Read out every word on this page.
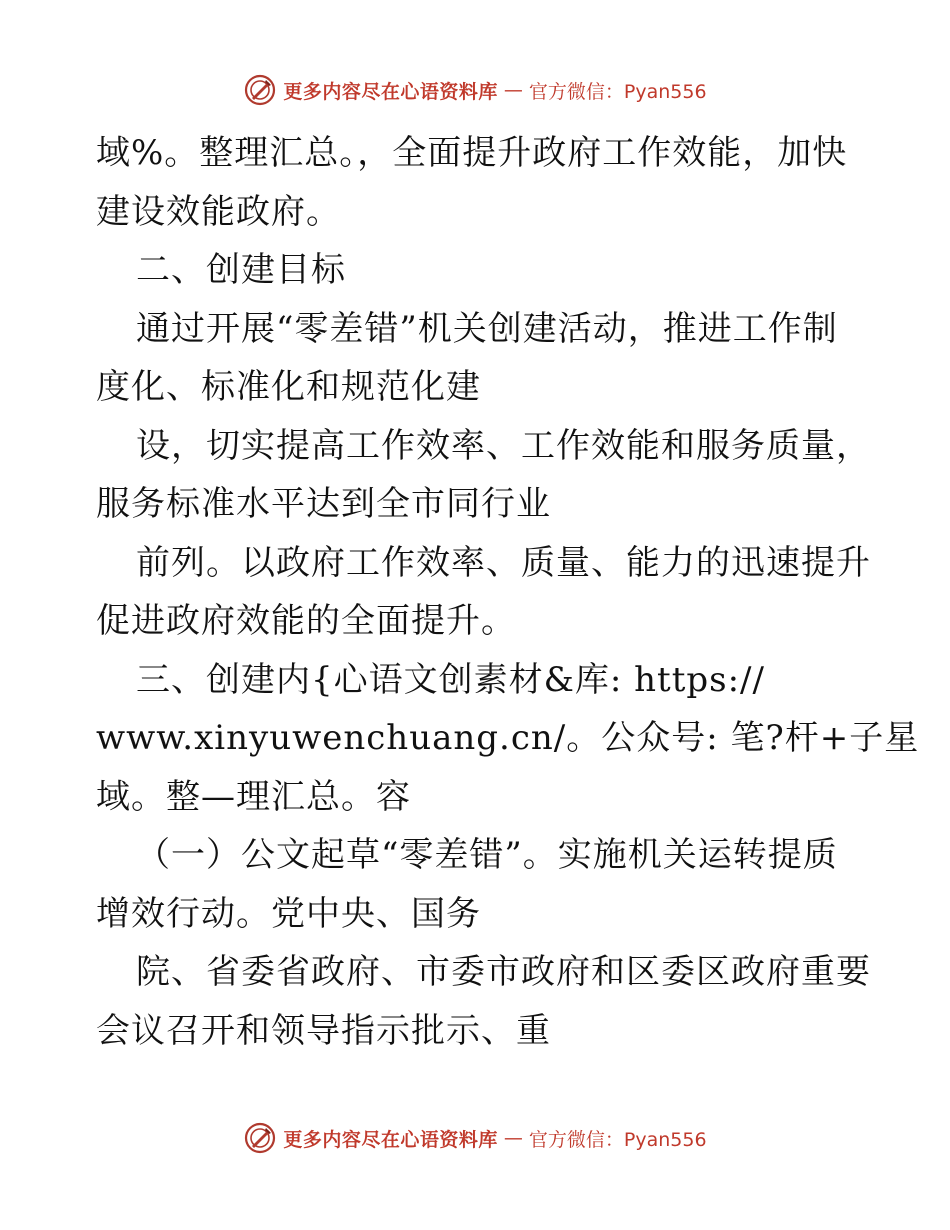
更多内容尽在心语资料库 — 官方微信：Pyan556
域%。整理汇总。，全面提升政府工作效能，加快
建设效能政府。
二、创建目标
通过开展“零差错”机关创建活动，推进工作制
度化、标准化和规范化建
设，切实提高工作效率、工作效能和服务质量，
服务标准水平达到全市同行业
前列。以政府工作效率、质量、能力的迅速提升
促进政府效能的全面提升。
三、创建内{心语文创素材&库: https://
www.xinyuwenchuang.cn/。公众号: 笔?杆+子星
域。整—理汇总。容
（一）公文起草“零差错”。实施机关运转提质
增效行动。党中央、国务
院、省委省政府、市委市政府和区委区政府重要
会议召开和领导指示批示、重
更多内容尽在心语资料库 — 官方微信：Pyan556
